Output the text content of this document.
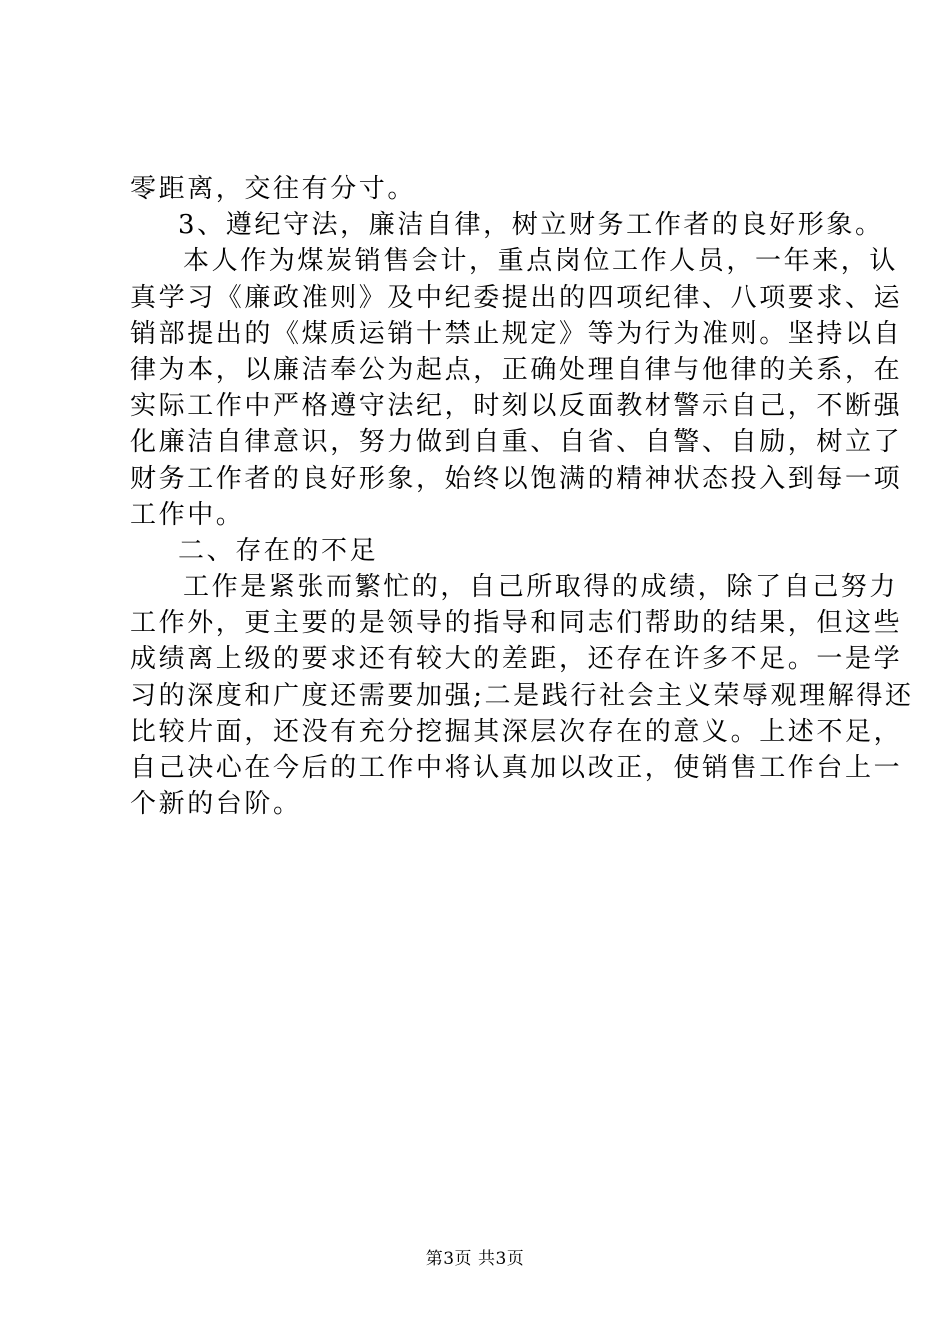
零距离，交往有分寸。
3、遵纪守法，廉洁自律，树立财务工作者的良好形象。
本人作为煤炭销售会计，重点岗位工作人员，一年来，认
真学习《廉政准则》及中纪委提出的四项纪律、八项要求、运
销部提出的《煤质运销十禁止规定》等为行为准则。坚持以自
律为本，以廉洁奉公为起点，正确处理自律与他律的关系，在
实际工作中严格遵守法纪，时刻以反面教材警示自己，不断强
化廉洁自律意识，努力做到自重、自省、自警、自励，树立了
财务工作者的良好形象，始终以饱满的精神状态投入到每一项
工作中。
二、存在的不足
工作是紧张而繁忙的，自己所取得的成绩，除了自己努力
工作外，更主要的是领导的指导和同志们帮助的结果，但这些
成绩离上级的要求还有较大的差距，还存在许多不足。一是学
习的深度和广度还需要加强;二是践行社会主义荣辱观理解得还
比较片面，还没有充分挖掘其深层次存在的意义。上述不足，
自己决心在今后的工作中将认真加以改正，使销售工作台上一
个新的台阶。
第3页 共3页
